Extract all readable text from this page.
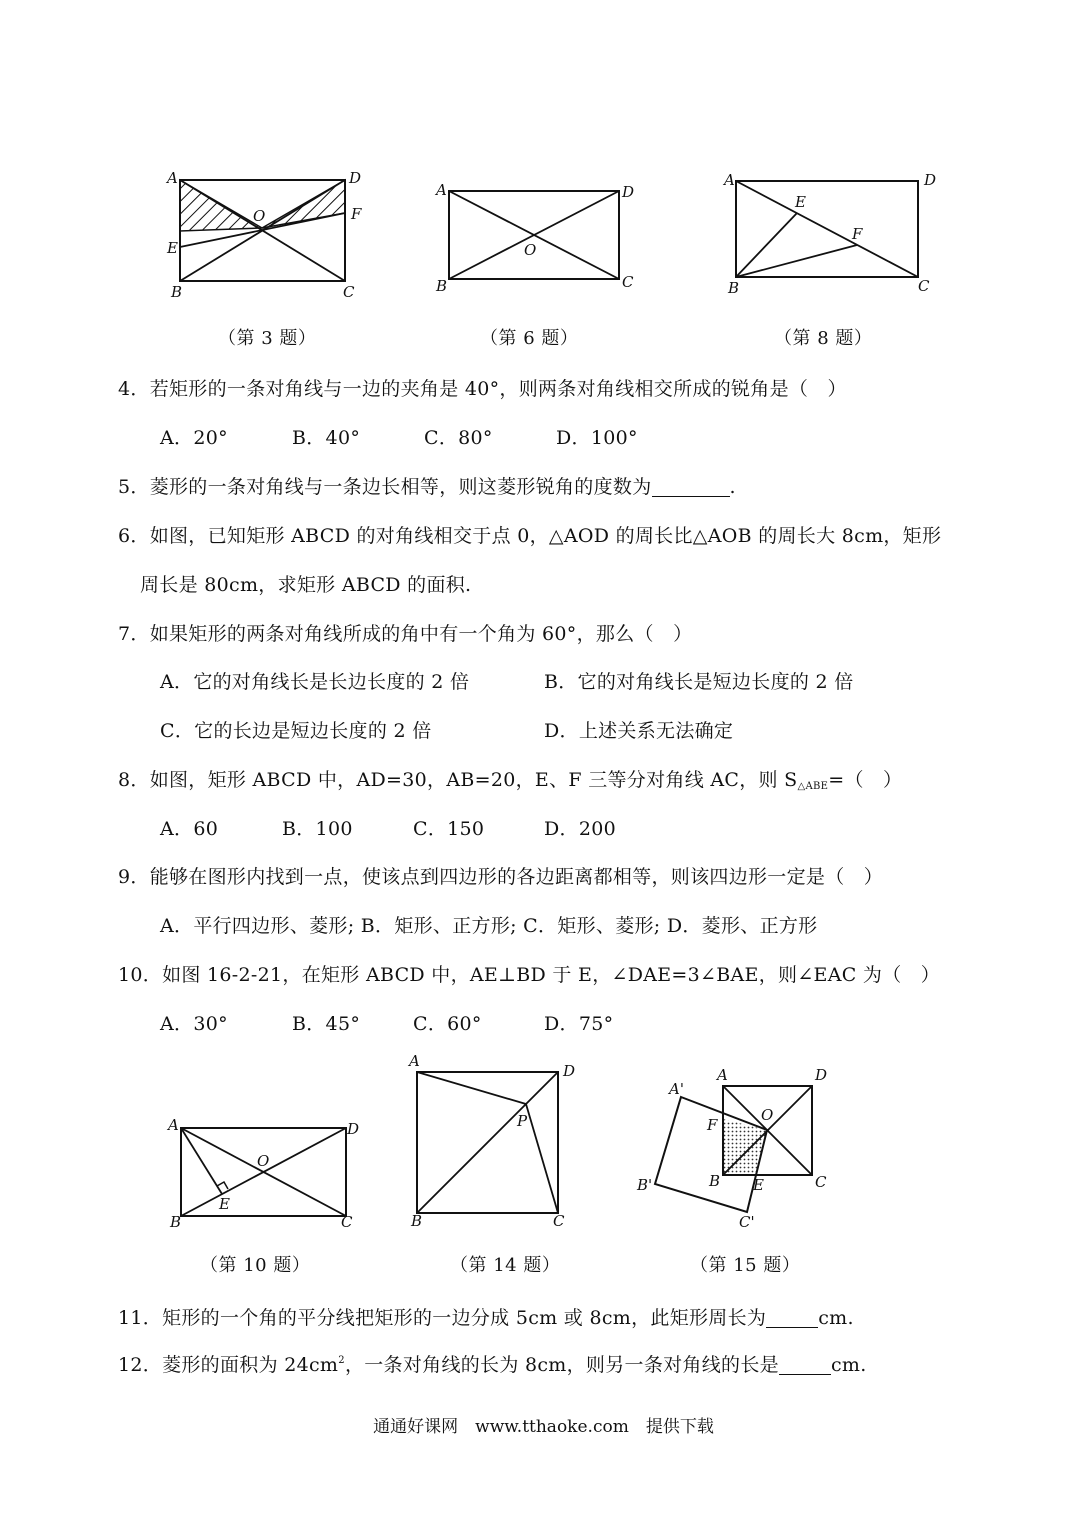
A	D
E
F
O
B	C
A	D
O
B	C
A	D
E
F
B	C
（第 3 题）	（第 6 题）	（第 8 题）
4．若矩形的一条对角线与一边的夹角是 40°，则两条对角线相交所成的锐角是（　）
A．20°	B．40°	C．80°	D．100°
5．菱形的一条对角线与一条边长相等，则这菱形锐角的度数为	.
6．如图，已知矩形 ABCD 的对角线相交于点 0，△AOD 的周长比△AOB 的周长大 8cm，矩形
周长是 80cm，求矩形 ABCD 的面积.
7．如果矩形的两条对角线所成的角中有一个角为 60°，那么（　）
A．它的对角线长是长边长度的 2 倍	B．它的对角线长是短边长度的 2 倍
C．它的长边是短边长度的 2 倍	D．上述关系无法确定
8．如图，矩形 ABCD 中，AD=30，AB=20，E、F 三等分对角线 AC，则 $S_{\triangle ABE}=$（　）
A．60	B．100	C．150	D．200
9．能够在图形内找到一点，使该点到四边形的各边距离都相等，则该四边形一定是（　）
A．平行四边形、菱形; B．矩形、正方形; C．矩形、菱形; D．菱形、正方形
10．如图 16-2-21，在矩形 ABCD 中，AE⊥BD 于 E，∠DAE=3∠BAE，则∠EAC 为（　）
A．30°	B．45°	C．60°	D．75°
A	D
O
E
B	C
A
D
P
B	C
A'
A	D
O
F
B'	B E	C
C'
（第 10 题）	（第 14 题）	（第 15 题）
11．矩形的一个角的平分线把矩形的一边分成 5cm 或 8cm，此矩形周长为	cm.
12．菱形的面积为 $24cm^2$，一条对角线的长为 8cm，则另一条对角线的长是	cm.
通通好课网　www.tthaoke.com　提供下载
